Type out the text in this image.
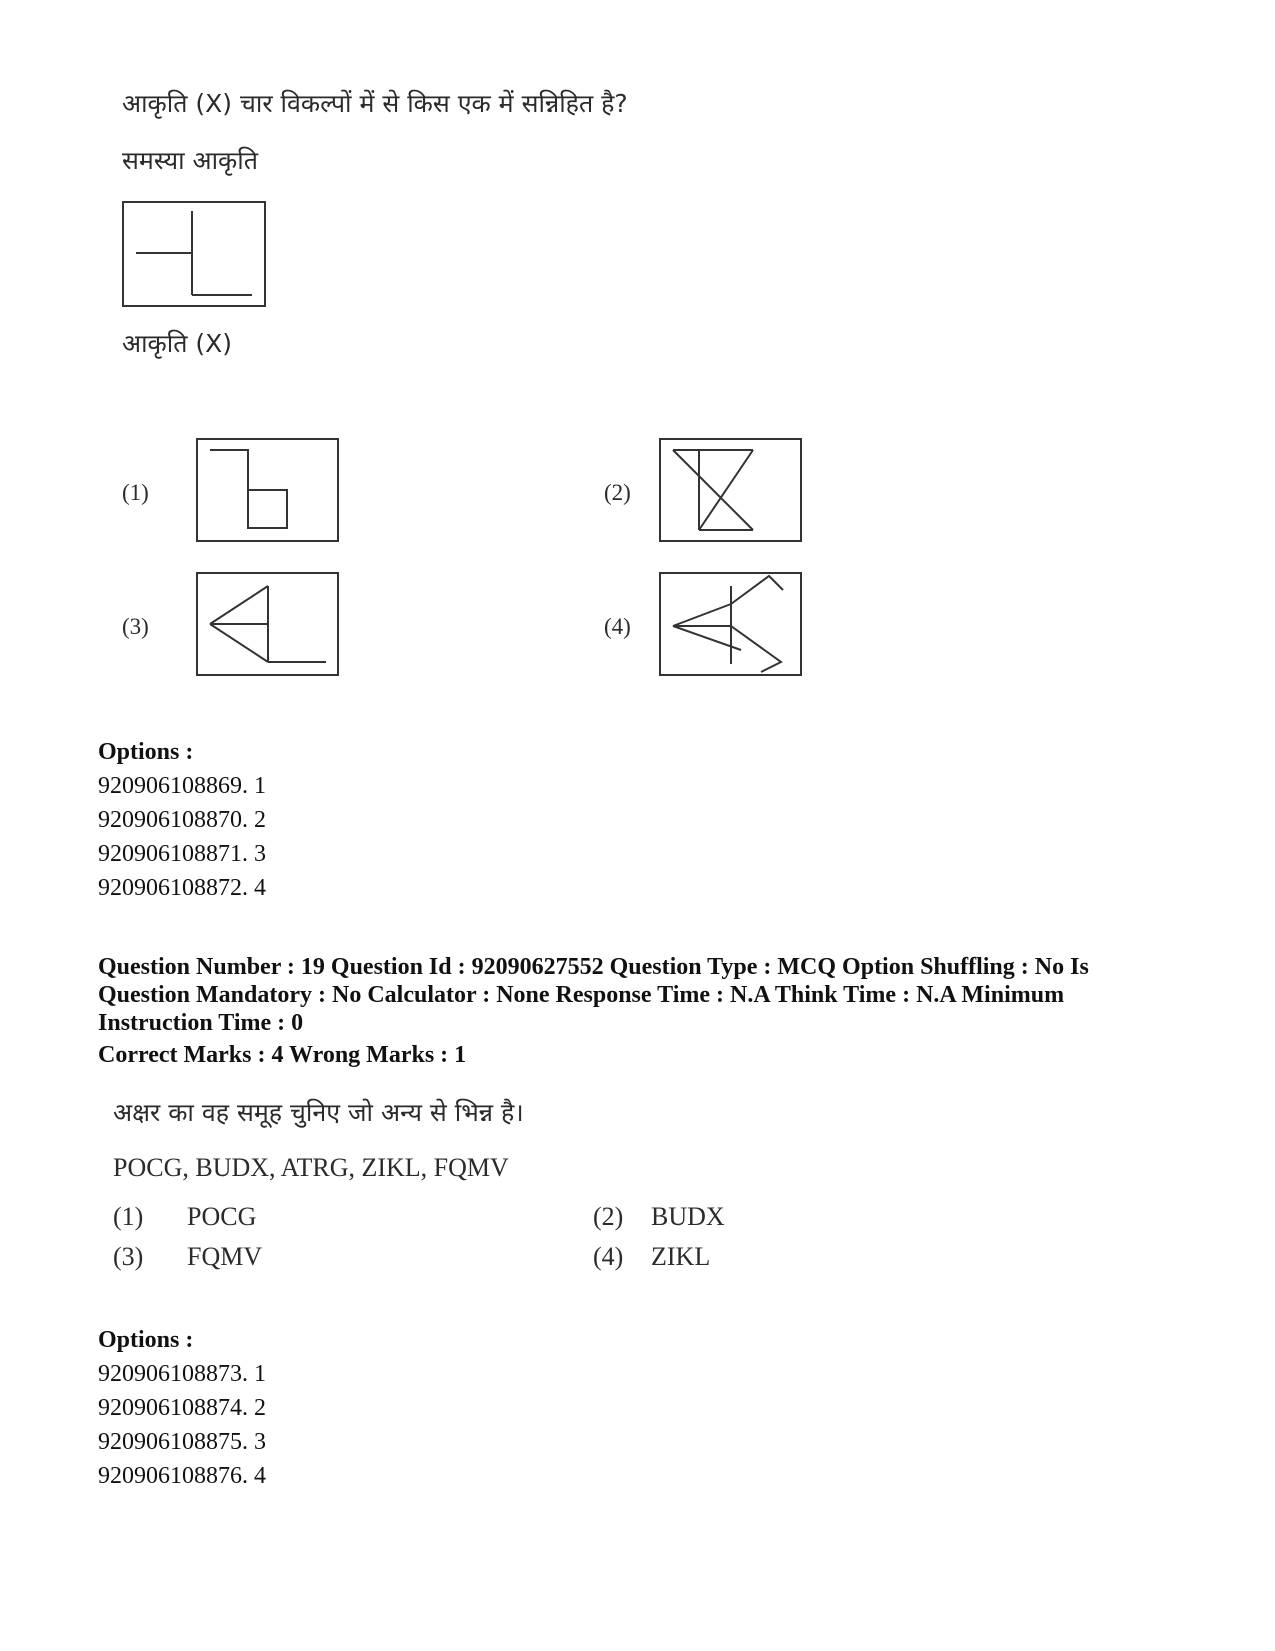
आकृति (X) चार विकल्पों में से किस एक में सन्निहित है?
समस्या आकृति
आकृति (X)
(1)	(2)
(3)	(4)
Options :
920906108869. 1
920906108870. 2
920906108871. 3
920906108872. 4
Question Number : 19 Question Id : 92090627552 Question Type : MCQ Option Shuffling : No Is
Question Mandatory : No Calculator : None Response Time : N.A Think Time : N.A Minimum
Instruction Time : 0
Correct Marks : 4 Wrong Marks : 1
अक्षर का वह समूह चुनिए जो अन्य से भिन्न है।
POCG, BUDX, ATRG, ZIKL, FQMV
(1) POCG	(2) BUDX
(3) FQMV	(4) ZIKL
Options :
920906108873. 1
920906108874. 2
920906108875. 3
920906108876. 4
